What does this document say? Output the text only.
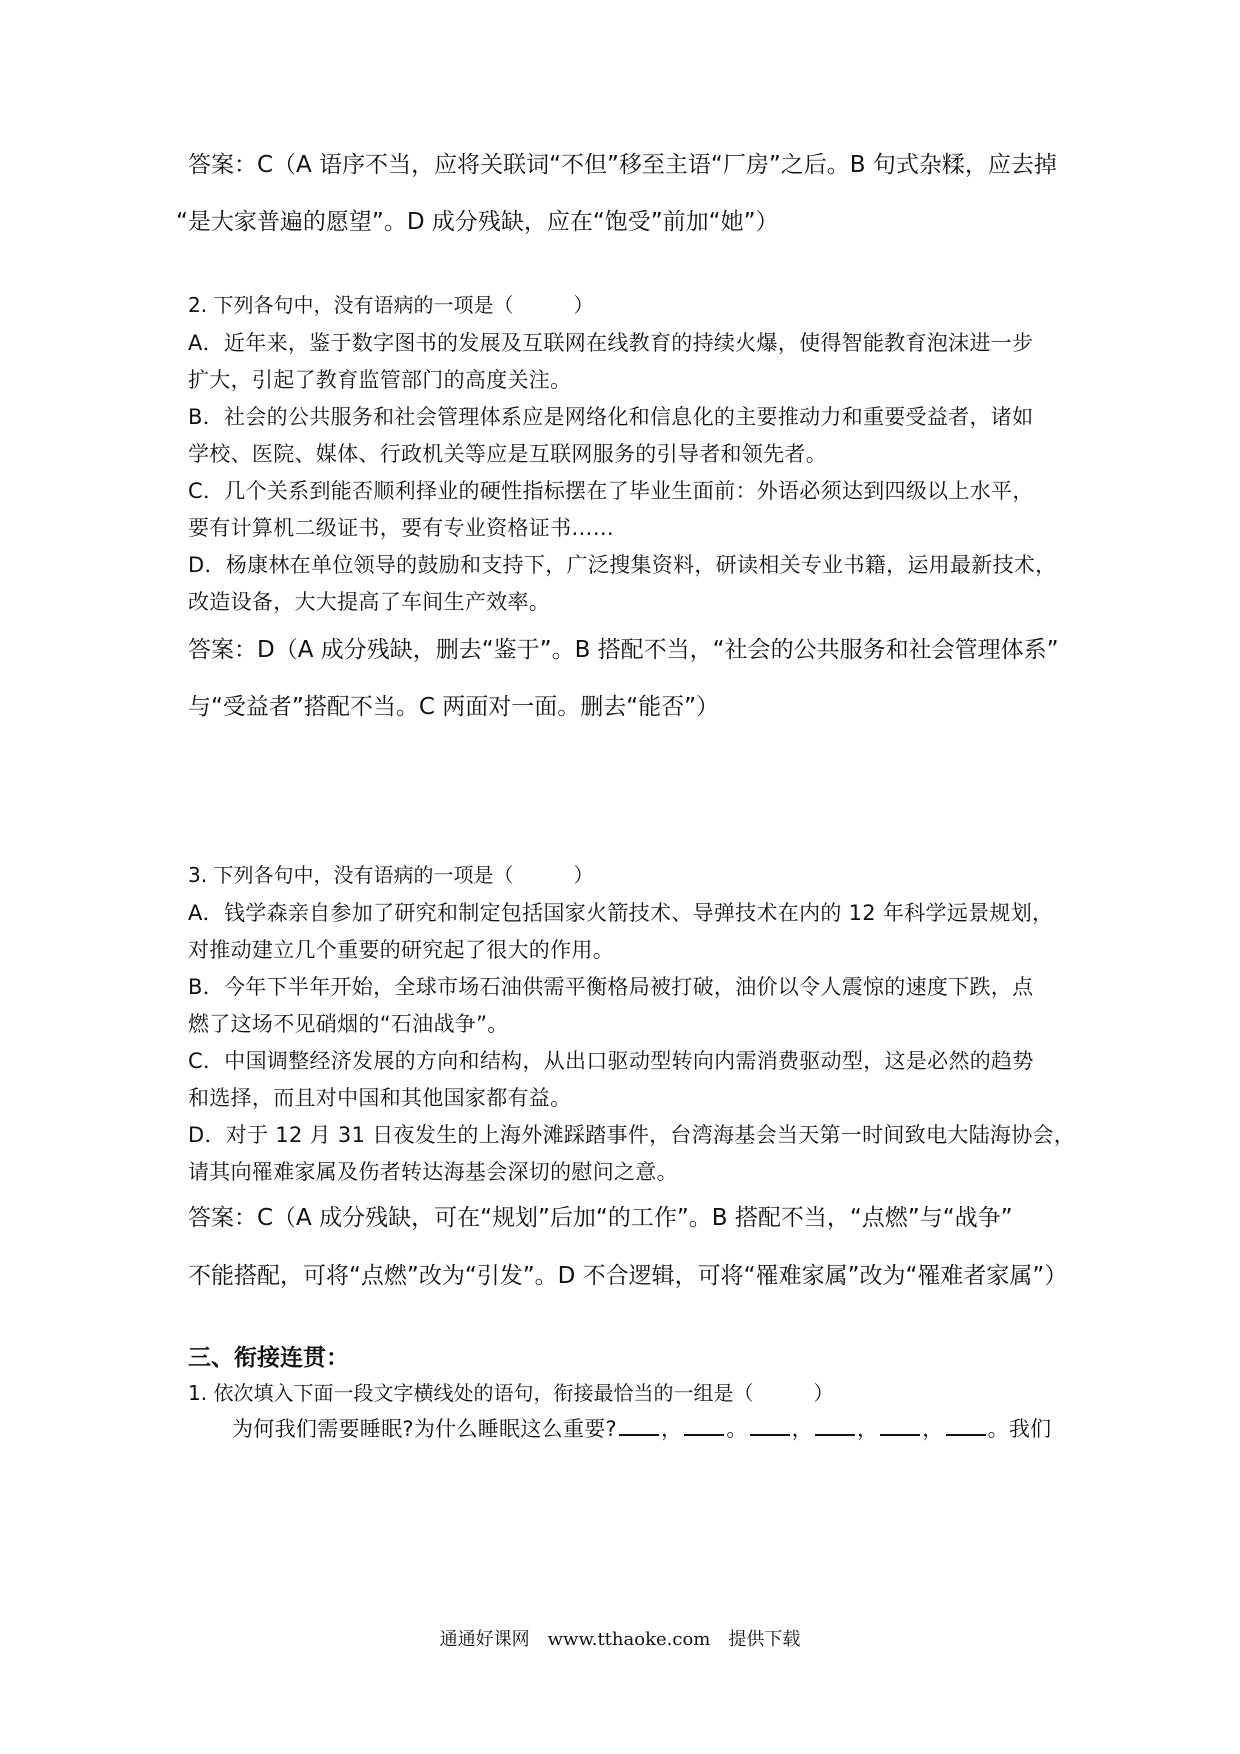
答案：C（A 语序不当，应将关联词“不但”移至主语“厂房”之后。B 句式杂糅，应去掉
“是大家普遍的愿望”。D 成分残缺，应在“饱受”前加“她”）
2. 下列各句中，没有语病的一项是（　　　）
A．近年来，鉴于数字图书的发展及互联网在线教育的持续火爆，使得智能教育泡沫进一步
扩大，引起了教育监管部门的高度关注。
B．社会的公共服务和社会管理体系应是网络化和信息化的主要推动力和重要受益者，诸如
学校、医院、媒体、行政机关等应是互联网服务的引导者和领先者。
C．几个关系到能否顺利择业的硬性指标摆在了毕业生面前：外语必须达到四级以上水平，
要有计算机二级证书，要有专业资格证书……
D．杨康林在单位领导的鼓励和支持下，广泛搜集资料，研读相关专业书籍，运用最新技术，
改造设备，大大提高了车间生产效率。
答案：D（A 成分残缺，删去“鉴于”。B 搭配不当，“社会的公共服务和社会管理体系”
与“受益者”搭配不当。C 两面对一面。删去“能否”）
3. 下列各句中，没有语病的一项是（　　　）
A．钱学森亲自参加了研究和制定包括国家火箭技术、导弹技术在内的 12 年科学远景规划，
对推动建立几个重要的研究起了很大的作用。
B．今年下半年开始，全球市场石油供需平衡格局被打破，油价以令人震惊的速度下跌，点
燃了这场不见硝烟的“石油战争”。
C．中国调整经济发展的方向和结构，从出口驱动型转向内需消费驱动型，这是必然的趋势
和选择，而且对中国和其他国家都有益。
D．对于 12 月 31 日夜发生的上海外滩踩踏事件，台湾海基会当天第一时间致电大陆海协会，
请其向罹难家属及伤者转达海基会深切的慰问之意。
答案：C（A 成分残缺，可在“规划”后加“的工作”。B 搭配不当，“点燃”与“战争”
不能搭配，可将“点燃”改为“引发”。D 不合逻辑，可将“罹难家属”改为“罹难者家属”）
三、衔接连贯：
1. 依次填入下面一段文字横线处的语句，衔接最恰当的一组是（　　　）
为何我们需要睡眠?为什么睡眠这么重要? ， 。 ， ， ， 。我们
通通好课网　www.tthaoke.com　提供下载
